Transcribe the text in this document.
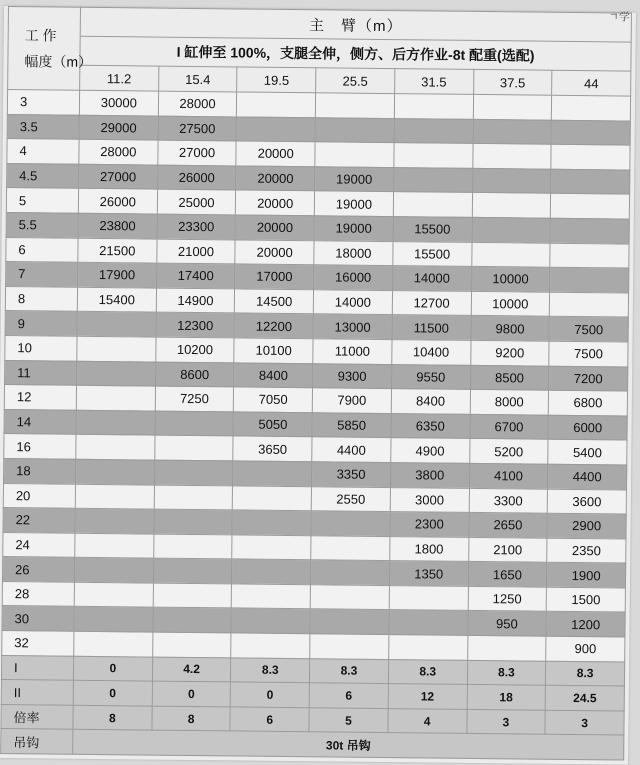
ㄱ学
工 作
幅度（m）	主　臂（m）						
	I 缸伸至 100%，支腿全伸，侧方、后方作业-8t 配重(选配)						
	11.2	15.4	19.5	25.5	31.5	37.5	44
3	30000	28000					
3.5	29000	27500					
4	28000	27000	20000				
4.5	27000	26000	20000	19000			
5	26000	25000	20000	19000			
5.5	23800	23300	20000	19000	15500		
6	21500	21000	20000	18000	15500		
7	17900	17400	17000	16000	14000	10000	
8	15400	14900	14500	14000	12700	10000	
9		12300	12200	13000	11500	9800	7500
10		10200	10100	11000	10400	9200	7500
11		8600	8400	9300	9550	8500	7200
12		7250	7050	7900	8400	8000	6800
14			5050	5850	6350	6700	6000
16			3650	4400	4900	5200	5400
18				3350	3800	4100	4400
20				2550	3000	3300	3600
22					2300	2650	2900
24					1800	2100	2350
26					1350	1650	1900
28						1250	1500
30						950	1200
32							900
I	0	4.2	8.3	8.3	8.3	8.3	8.3
II	0	0	0	6	12	18	24.5
倍率	8	8	6	5	4	3	3
吊钩	30t 吊钩						
